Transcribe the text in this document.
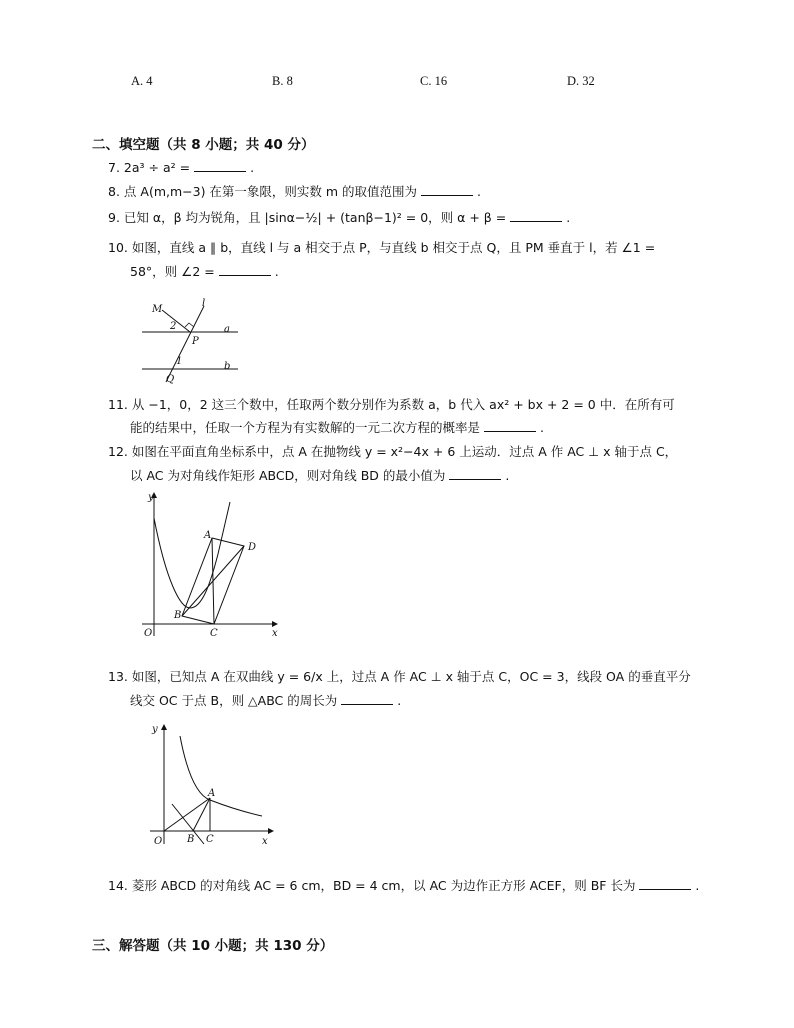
A. 4	B. 8	C. 16	D. 32
二、填空题（共 8 小题；共 40 分）
7. 2a³ ÷ a² =	.
8. 点 A(m,m−3) 在第一象限，则实数 m 的取值范围为	.
9. 已知 α，β 均为锐角，且 |sinα−½| + (tanβ−1)² = 0，则 α + β =	.
10. 如图，直线 a ∥ b，直线 l 与 a 相交于点 P，与直线 b 相交于点 Q，且 PM 垂直于 l，若 ∠1 =
58°，则 ∠2 =	.
M
l
a
b
P
Q
1
2
11. 从 −1，0，2 这三个数中，任取两个数分别作为系数 a，b 代入 ax² + bx + 2 = 0 中．在所有可
能的结果中，任取一个方程为有实数解的一元二次方程的概率是	.
12. 如图在平面直角坐标系中，点 A 在抛物线 y = x²−4x + 6 上运动．过点 A 作 AC ⊥ x 轴于点 C，
以 AC 为对角线作矩形 ABCD，则对角线 BD 的最小值为	.
y
x
O
A
B
C
D
13. 如图，已知点 A 在双曲线 y = 6/x 上，过点 A 作 AC ⊥ x 轴于点 C，OC = 3，线段 OA 的垂直平分
线交 OC 于点 B，则 △ABC 的周长为	.
y
x
O
A
B C
14. 菱形 ABCD 的对角线 AC = 6 cm，BD = 4 cm，以 AC 为边作正方形 ACEF，则 BF 长为	.
三、解答题（共 10 小题；共 130 分）
